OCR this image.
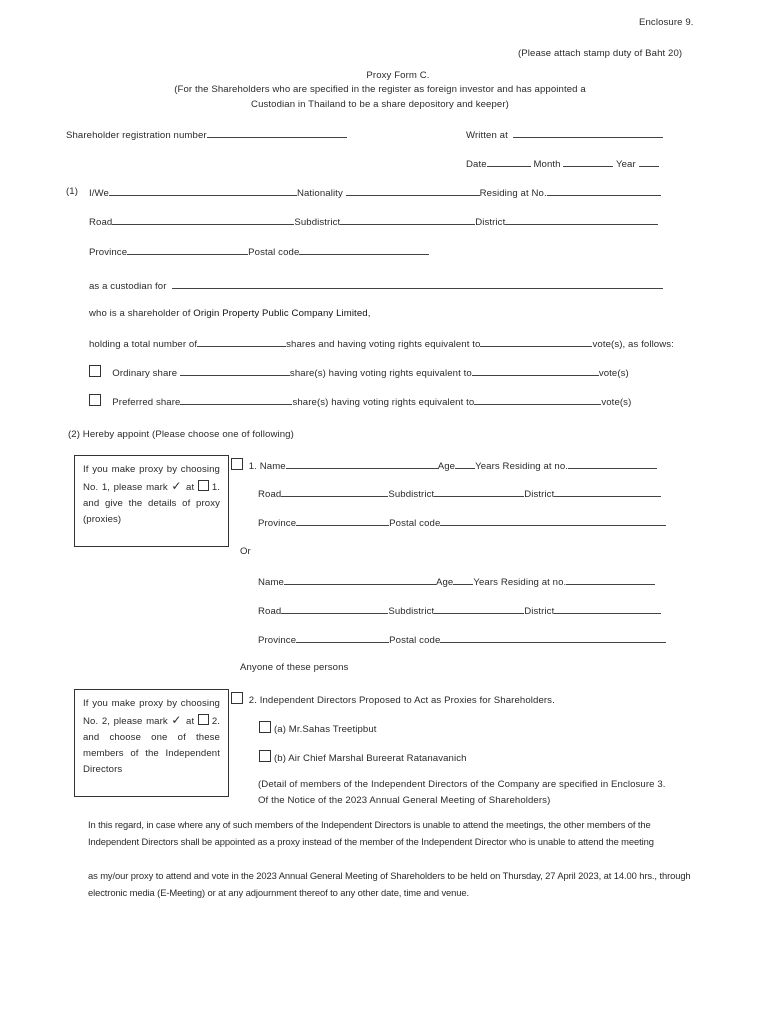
Enclosure 9.
(Please attach stamp duty of Baht 20)
Proxy Form C.
(For the Shareholders who are specified in the register as foreign investor and has appointed a
Custodian in Thailand to be a share depository and keeper)
Shareholder registration number	Written at
Date	Month	Year
(1) I/We	Nationality	Residing at No.
Road	Subdistrict	District
Province	Postal code
as a custodian for
who is a shareholder of Origin Property Public Company Limited,
holding a total number of	shares and having voting rights equivalent to	vote(s), as follows:
Ordinary share	share(s) having voting rights equivalent to	vote(s)
Preferred share	share(s) having voting rights equivalent to	vote(s)
(2) Hereby appoint (Please choose one of following)
If you make proxy by choosing No. 1, please mark ✓ at 1. and give the details of proxy (proxies)
1. Name	Age Years Residing at no.
Road	Subdistrict	District
Province	Postal code
Or
Name	Age Years Residing at no.
Road	Subdistrict	District
Province	Postal code
Anyone of these persons
If you make proxy by choosing No. 2, please mark ✓ at 2. and choose one of these members of the Independent Directors
2. Independent Directors Proposed to Act as Proxies for Shareholders.
(a) Mr.Sahas Treetipbut
(b) Air Chief Marshal Bureerat Ratanavanich
(Detail of members of the Independent Directors of the Company are specified in Enclosure 3.
Of the Notice of the 2023 Annual General Meeting of Shareholders)
In this regard, in case where any of such members of the Independent Directors is unable to attend the meetings, the other members of the Independent Directors shall be appointed as a proxy instead of the member of the Independent Director who is unable to attend the meeting
as my/our proxy to attend and vote in the 2023 Annual General Meeting of Shareholders to be held on Thursday, 27 April 2023, at 14.00 hrs., through electronic media (E-Meeting) or at any adjournment thereof to any other date, time and venue.
